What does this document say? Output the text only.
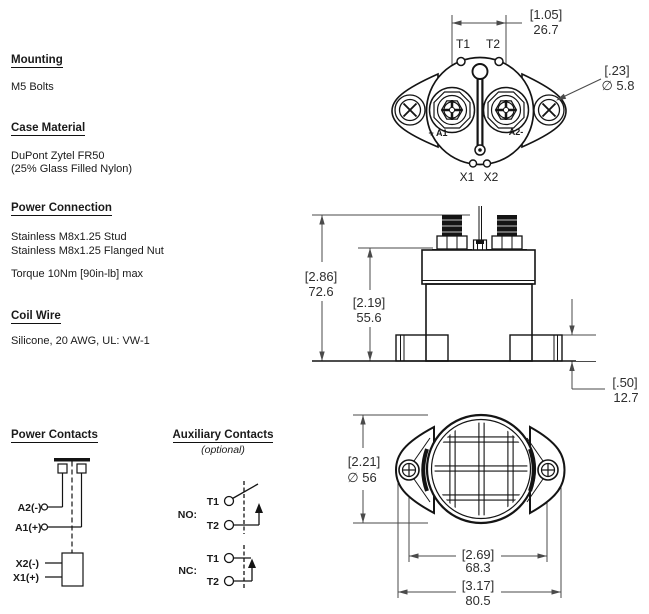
T1 T2
X1 X2
+ A1	A2-
[1.05]
26.7
[.23]
∅ 5.8
[2.86]
72.6
[2.19]
55.6
[.50]
12.7
[2.21]
∅ 56
[2.69]
68.3
[3.17]
80.5
A2(-)
A1(+)
X2(-)
X1(+)
T1
T2
NO:
T1
T2
NC:
Mounting
M5 Bolts
Case Material
DuPont Zytel FR50
(25% Glass Filled Nylon)
Power Connection
Stainless M8x1.25 Stud
Stainless M8x1.25 Flanged Nut
Torque 10Nm [90in-lb] max
Coil Wire
Silicone, 20 AWG, UL: VW-1
Power Contacts	Auxiliary Contacts
(optional)
